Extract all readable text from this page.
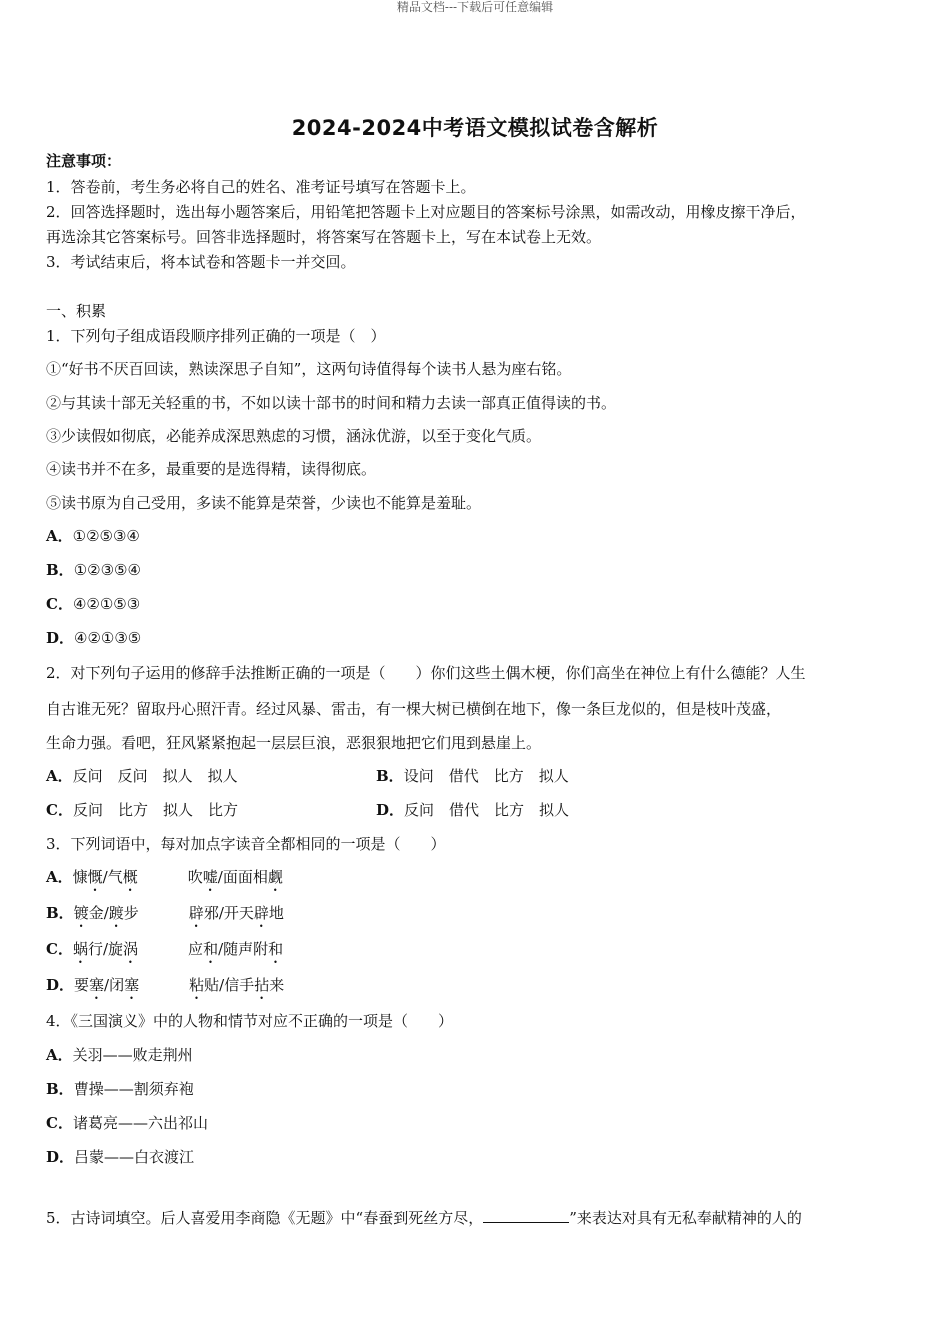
精品文档---下载后可任意编辑
2024-2024中考语文模拟试卷含解析
注意事项：
1．答卷前，考生务必将自己的姓名、准考证号填写在答题卡上。
2．回答选择题时，选出每小题答案后，用铅笔把答题卡上对应题目的答案标号涂黑，如需改动，用橡皮擦干净后，
再选涂其它答案标号。回答非选择题时，将答案写在答题卡上，写在本试卷上无效。
3．考试结束后，将本试卷和答题卡一并交回。
一、积累
1．下列句子组成语段顺序排列正确的一项是（　）
①“好书不厌百回读，熟读深思子自知”，这两句诗值得每个读书人悬为座右铭。
②与其读十部无关轻重的书，不如以读十部书的时间和精力去读一部真正值得读的书。
③少读假如彻底，必能养成深思熟虑的习惯，涵泳优游，以至于变化气质。
④读书并不在多，最重要的是选得精，读得彻底。
⑤读书原为自己受用，多读不能算是荣誉，少读也不能算是羞耻。
A．①②⑤③④
B．①②③⑤④
C．④②①⑤③
D．④②①③⑤
2．对下列句子运用的修辞手法推断正确的一项是（　　）你们这些土偶木梗，你们高坐在神位上有什么德能？人生
自古谁无死？留取丹心照汗青。经过风暴、雷击，有一棵大树已横倒在地下，像一条巨龙似的，但是枝叶茂盛，
生命力强。看吧，狂风紧紧抱起一层层巨浪，恶狠狠地把它们甩到悬崖上。
A．反问　反问　拟人　拟人	B．设问　借代　比方　拟人
C．反问　比方　拟人　比方	D．反问　借代　比方　拟人
3．下列词语中，每对加点字读音全都相同的一项是（　　）
A．慷慨/气概	吹嘘/面面相觑
B．镀金/踱步	辟邪/开天辟地
C．蜗行/旋涡	应和/随声附和
D．要塞/闭塞	粘贴/信手拈来
4．《三国演义》中的人物和情节对应不正确的一项是（　　）
A．关羽——败走荆州
B．曹操——割须弃袍
C．诸葛亮——六出祁山
D．吕蒙——白衣渡江
5．古诗词填空。后人喜爱用李商隐《无题》中“春蚕到死丝方尽，	”来表达对具有无私奉献精神的人的
